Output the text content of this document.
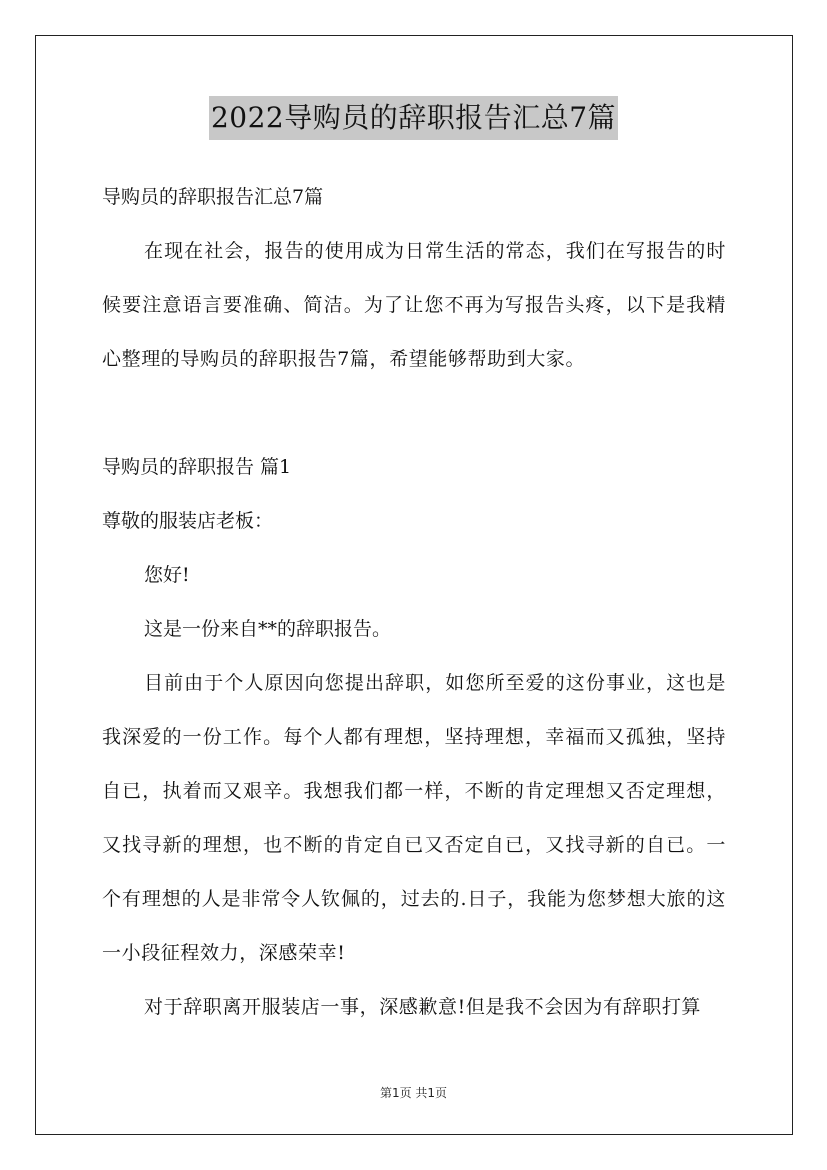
2022导购员的辞职报告汇总7篇
导购员的辞职报告汇总7篇

在现在社会，报告的使用成为日常生活的常态，我们在写报告的时候要注意语言要准确、简洁。为了让您不再为写报告头疼，以下是我精心整理的导购员的辞职报告7篇，希望能够帮助到大家。

导购员的辞职报告 篇1
尊敬的服装店老板：
您好!
这是一份来自**的辞职报告。

目前由于个人原因向您提出辞职，如您所至爱的这份事业，这也是我深爱的一份工作。每个人都有理想，坚持理想，幸福而又孤独，坚持自已，执着而又艰辛。我想我们都一样，不断的肯定理想又否定理想，又找寻新的理想，也不断的肯定自已又否定自已，又找寻新的自已。一个有理想的人是非常令人钦佩的，过去的.日子，我能为您梦想大旅的这一小段征程效力，深感荣幸!

对于辞职离开服装店一事，深感歉意!但是我不会因为有辞职打算

第1页 共1页
